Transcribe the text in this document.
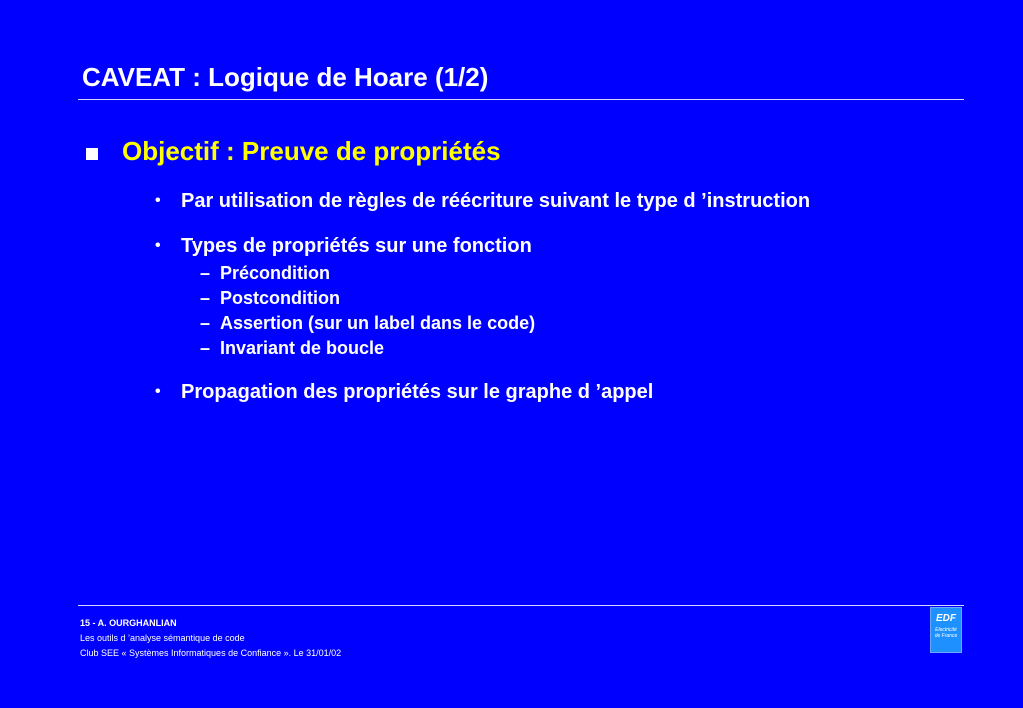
CAVEAT : Logique de Hoare (1/2)
Objectif : Preuve de propriétés
• Par utilisation de règles de réécriture suivant le type d ’instruction
• Types de propriétés sur une fonction
– Précondition
– Postcondition
– Assertion (sur un label dans le code)
– Invariant de boucle
• Propagation des propriétés sur le graphe d ’appel
15 - A. OURGHANLIAN
Les outils d ’analyse sémantique de code
Club SEE « Systèmes Informatiques de Confiance ». Le 31/01/02
EDF
Electricité
de France
